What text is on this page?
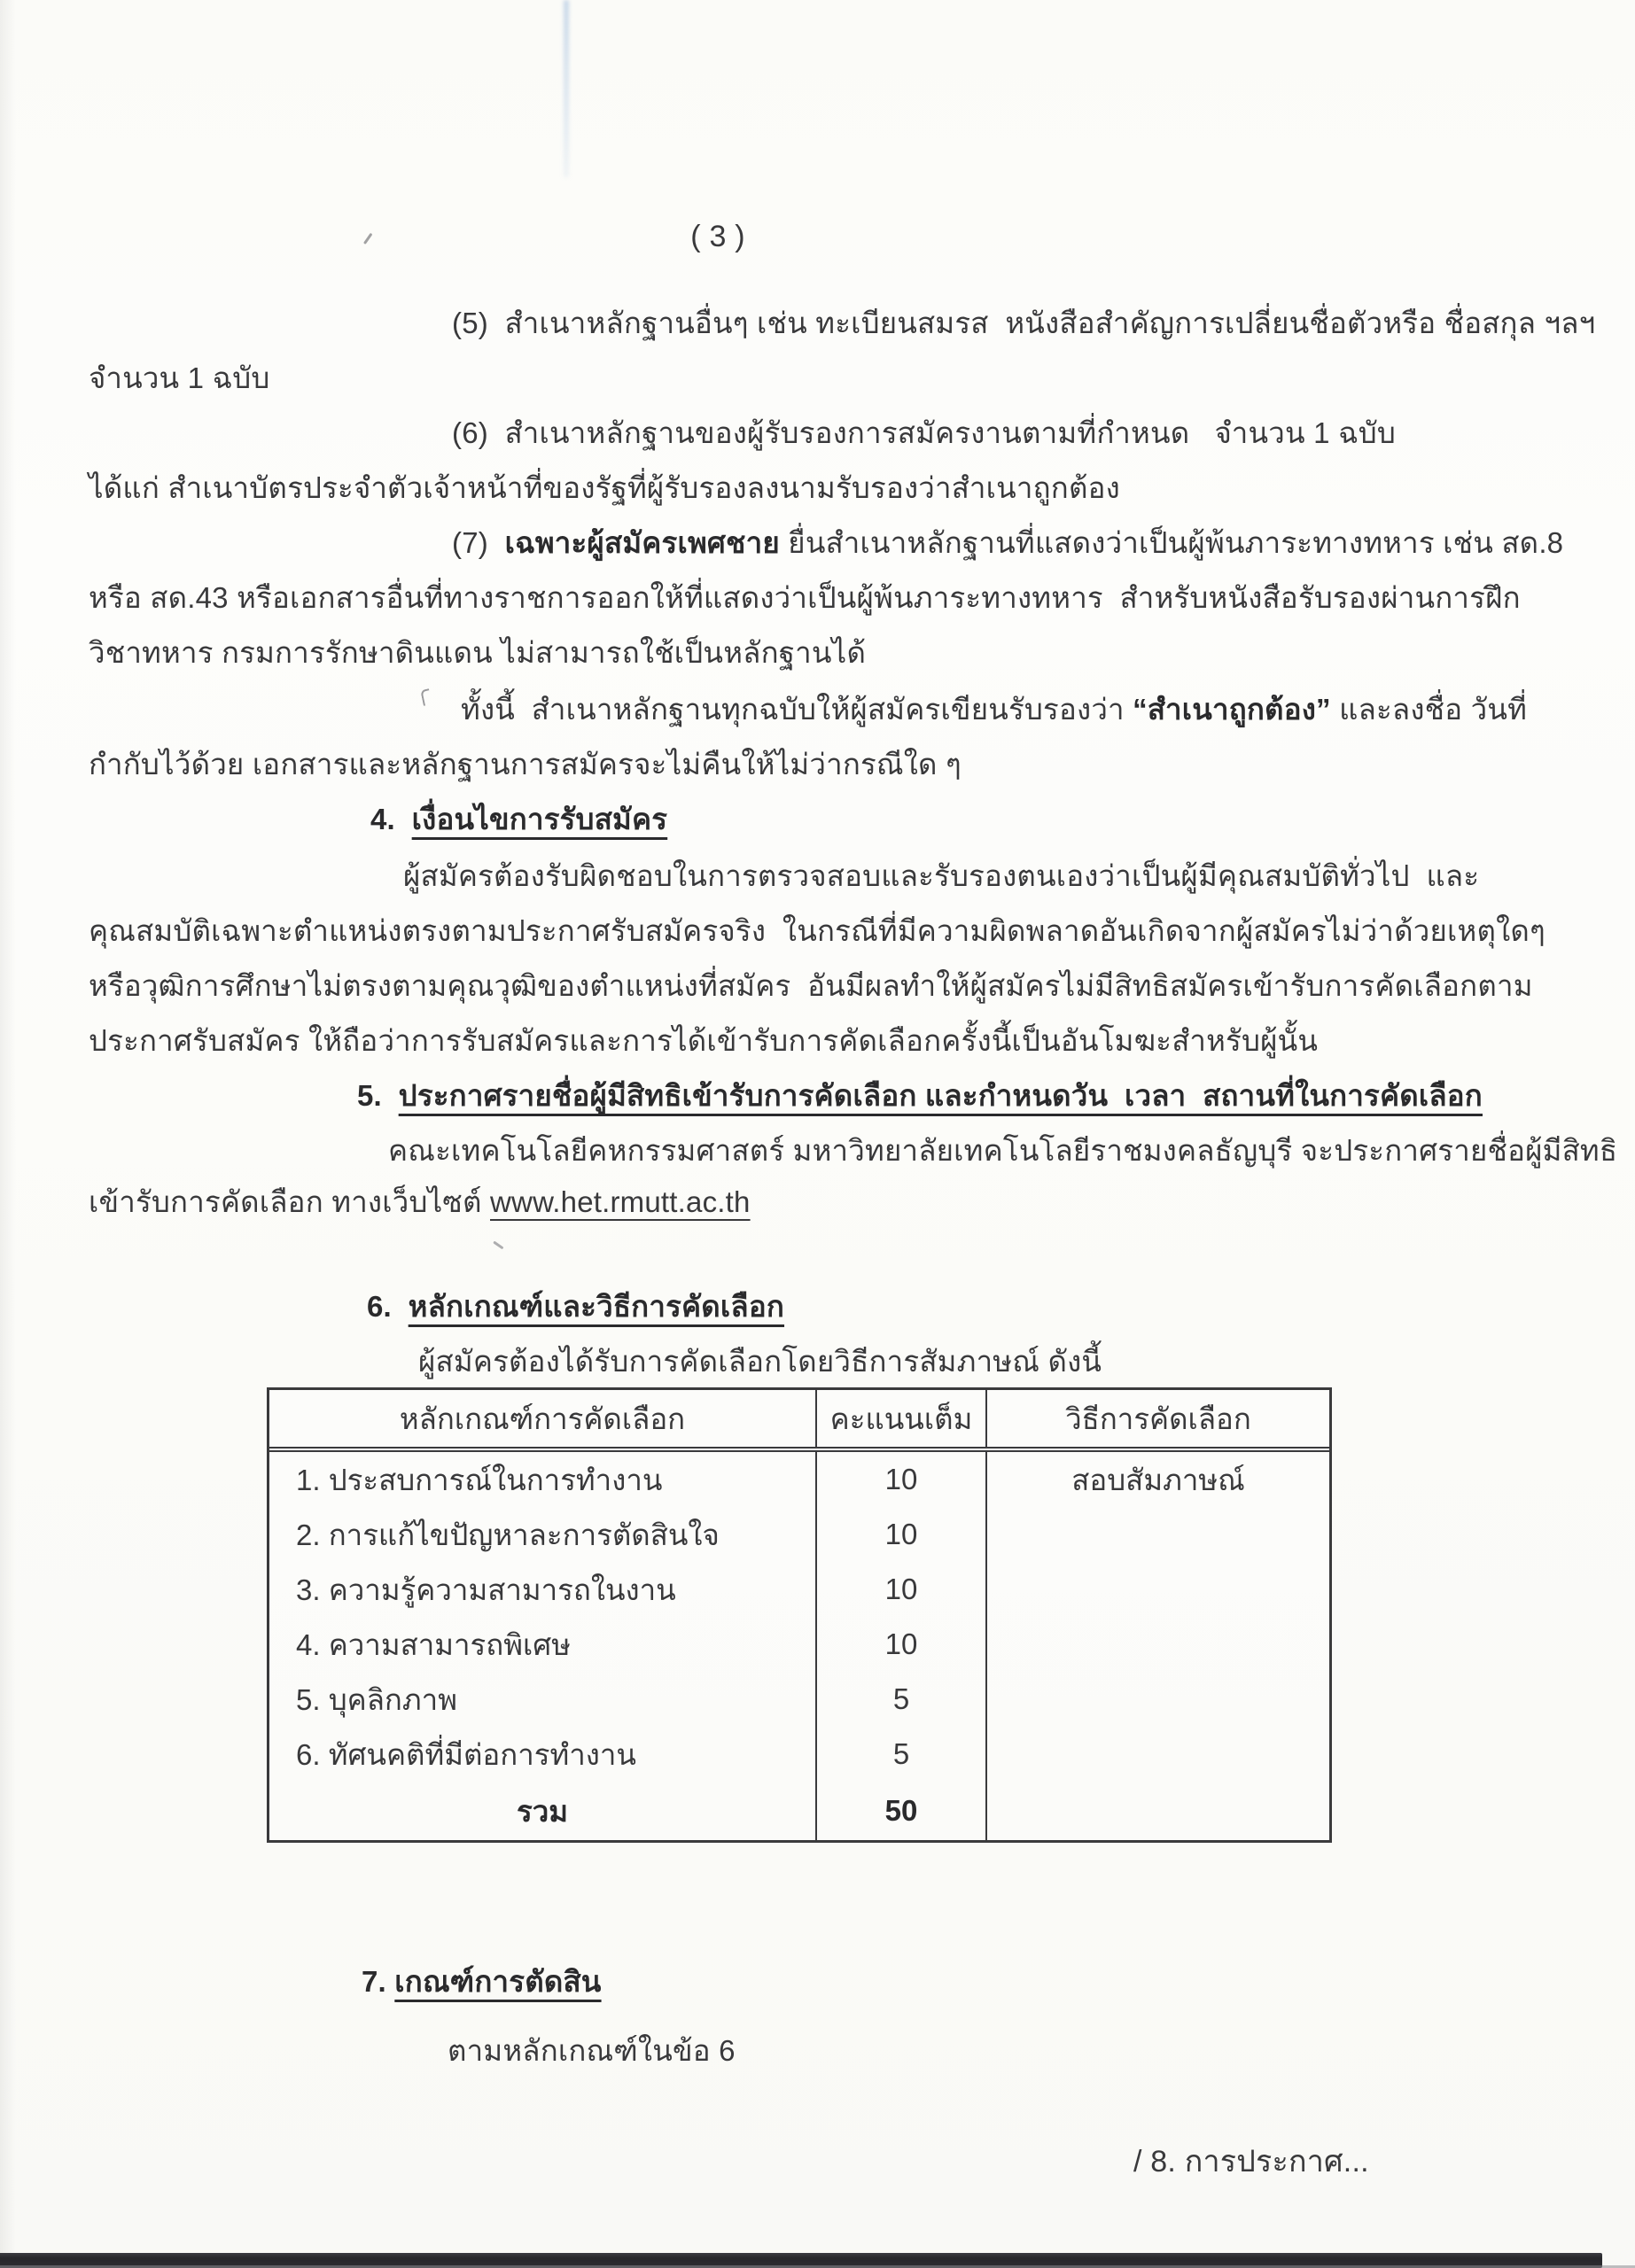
( 3 )
(5)  สำเนาหลักฐานอื่นๆ เช่น ทะเบียนสมรส  หนังสือสำคัญการเปลี่ยนชื่อตัวหรือ ชื่อสกุล ฯลฯ
จำนวน 1 ฉบับ
(6)  สำเนาหลักฐานของผู้รับรองการสมัครงานตามที่กำหนด   จำนวน 1 ฉบับ
ได้แก่ สำเนาบัตรประจำตัวเจ้าหน้าที่ของรัฐที่ผู้รับรองลงนามรับรองว่าสำเนาถูกต้อง
(7)  เฉพาะผู้สมัครเพศชาย ยื่นสำเนาหลักฐานที่แสดงว่าเป็นผู้พ้นภาระทางทหาร เช่น สด.8
หรือ สด.43 หรือเอกสารอื่นที่ทางราชการออกให้ที่แสดงว่าเป็นผู้พ้นภาระทางทหาร  สำหรับหนังสือรับรองผ่านการฝึก
วิชาทหาร กรมการรักษาดินแดน ไม่สามารถใช้เป็นหลักฐานได้
ทั้งนี้  สำเนาหลักฐานทุกฉบับให้ผู้สมัครเขียนรับรองว่า “สำเนาถูกต้อง” และลงชื่อ วันที่
กำกับไว้ด้วย เอกสารและหลักฐานการสมัครจะไม่คืนให้ไม่ว่ากรณีใด ๆ
4.  เงื่อนไขการรับสมัคร
ผู้สมัครต้องรับผิดชอบในการตรวจสอบและรับรองตนเองว่าเป็นผู้มีคุณสมบัติทั่วไป  และ
คุณสมบัติเฉพาะตำแหน่งตรงตามประกาศรับสมัครจริง  ในกรณีที่มีความผิดพลาดอันเกิดจากผู้สมัครไม่ว่าด้วยเหตุใดๆ
หรือวุฒิการศึกษาไม่ตรงตามคุณวุฒิของตำแหน่งที่สมัคร  อันมีผลทำให้ผู้สมัครไม่มีสิทธิสมัครเข้ารับการคัดเลือกตาม
ประกาศรับสมัคร ให้ถือว่าการรับสมัครและการได้เข้ารับการคัดเลือกครั้งนี้เป็นอันโมฆะสำหรับผู้นั้น
5.  ประกาศรายชื่อผู้มีสิทธิเข้ารับการคัดเลือก และกำหนดวัน  เวลา  สถานที่ในการคัดเลือก
คณะเทคโนโลยีคหกรรมศาสตร์ มหาวิทยาลัยเทคโนโลยีราชมงคลธัญบุรี จะประกาศรายชื่อผู้มีสิทธิ
เข้ารับการคัดเลือก ทางเว็บไซต์ www.het.rmutt.ac.th
6.  หลักเกณฑ์และวิธีการคัดเลือก
ผู้สมัครต้องได้รับการคัดเลือกโดยวิธีการสัมภาษณ์ ดังนี้
หลักเกณฑ์การคัดเลือก	คะแนนเต็ม	วิธีการคัดเลือก
1. ประสบการณ์ในการทำงาน	10	สอบสัมภาษณ์
2. การแก้ไขปัญหาละการตัดสินใจ	10
3. ความรู้ความสามารถในงาน	10
4. ความสามารถพิเศษ	10
5. บุคลิกภาพ	5
6. ทัศนคติที่มีต่อการทำงาน	5
รวม	50
7. เกณฑ์การตัดสิน
ตามหลักเกณฑ์ในข้อ 6
/ 8. การประกาศ...
